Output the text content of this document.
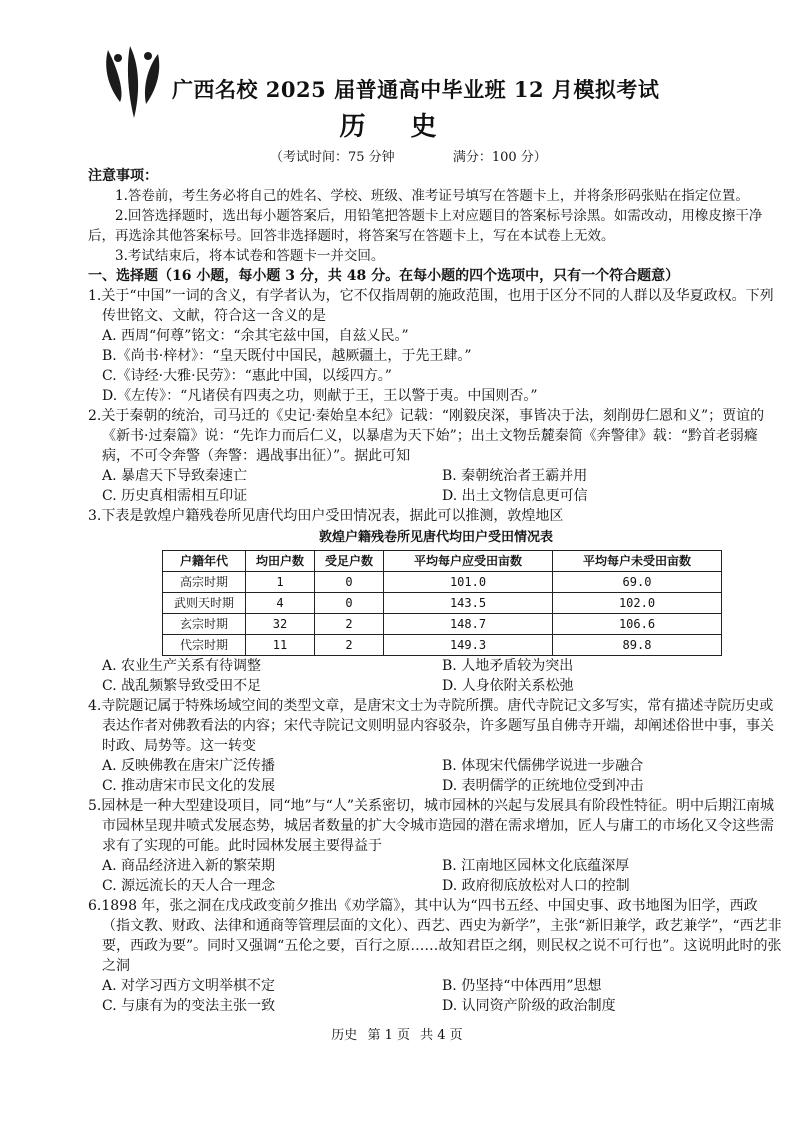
广西名校 2025 届普通高中毕业班 12 月模拟考试
历 史
（考试时间：75 分钟	满分：100 分）
注意事项：

1.答卷前，考生务必将自己的姓名、学校、班级、准考证号填写在答题卡上，并将条形码张贴在指定位置。

2.回答选择题时，选出每小题答案后，用铅笔把答题卡上对应题目的答案标号涂黑。如需改动，用橡皮擦干净后，再选涂其他答案标号。回答非选择题时，将答案写在答题卡上，写在本试卷上无效。

3.考试结束后，将本试卷和答题卡一并交回。

一、选择题（16 小题，每小题 3 分，共 48 分。在每小题的四个选项中，只有一个符合题意）

1.关于“中国”一词的含义，有学者认为，它不仅指周朝的施政范围，也用于区分不同的人群以及华夏政权。下列传世铭文、文献，符合这一含义的是

A. 西周“何尊”铭文：“余其宅兹中国，自兹乂民。”

B.《尚书·梓材》：“皇天既付中国民，越厥疆土，于先王肆。”

C.《诗经·大雅·民劳》：“惠此中国，以绥四方。”

D.《左传》：“凡诸侯有四夷之功，则献于王，王以警于夷。中国则否。”

2.关于秦朝的统治，司马迁的《史记·秦始皇本纪》记载：“刚毅戾深，事皆决于法，刻削毋仁恩和义”；贾谊的《新书·过秦篇》说：“先诈力而后仁义，以暴虐为天下始”；出土文物岳麓秦简《奔警律》载：“黔首老弱癃病，不可令奔警（奔警：遇战事出征）”。据此可知

A. 暴虐天下导致秦速亡	B. 秦朝统治者王霸并用
C. 历史真相需相互印证	D. 出土文物信息更可信

3.下表是敦煌户籍残卷所见唐代均田户受田情况表，据此可以推测，敦煌地区

敦煌户籍残卷所见唐代均田户受田情况表
户籍年代	均田户数	受足户数	平均每户应受田亩数	平均每户未受田亩数
高宗时期	1	0	101.0	69.0
武则天时期	4	0	143.5	102.0
玄宗时期	32	2	148.7	106.6
代宗时期	11	2	149.3	89.8
A. 农业生产关系有待调整	B. 人地矛盾较为突出
C. 战乱频繁导致受田不足	D. 人身依附关系松弛

4.寺院题记属于特殊场域空间的类型文章，是唐宋文士为寺院所撰。唐代寺院记文多写实，常有描述寺院历史或表达作者对佛教看法的内容；宋代寺院记文则明显内容驳杂，许多题写虽自佛寺开端，却阐述俗世中事，事关时政、局势等。这一转变

A. 反映佛教在唐宋广泛传播	B. 体现宋代儒佛学说进一步融合
C. 推动唐宋市民文化的发展	D. 表明儒学的正统地位受到冲击

5.园林是一种大型建设项目，同“地”与“人”关系密切，城市园林的兴起与发展具有阶段性特征。明中后期江南城市园林呈现井喷式发展态势，城居者数量的扩大令城市造园的潜在需求增加，匠人与庸工的市场化又令这些需求有了实现的可能。此时园林发展主要得益于

A. 商品经济进入新的繁荣期	B. 江南地区园林文化底蕴深厚
C. 源远流长的天人合一理念	D. 政府彻底放松对人口的控制

6.1898 年，张之洞在戊戌政变前夕推出《劝学篇》，其中认为“四书五经、中国史事、政书地图为旧学，西政（指文教、财政、法律和通商等管理层面的文化）、西艺、西史为新学”，主张“新旧兼学，政艺兼学”，“西艺非要，西政为要”。同时又强调“五伦之要，百行之原……故知君臣之纲，则民权之说不可行也”。这说明此时的张之洞

A. 对学习西方文明举棋不定	B. 仍坚持“中体西用”思想
C. 与康有为的变法主张一致	D. 认同资产阶级的政治制度
历史 第 1 页 共 4 页
